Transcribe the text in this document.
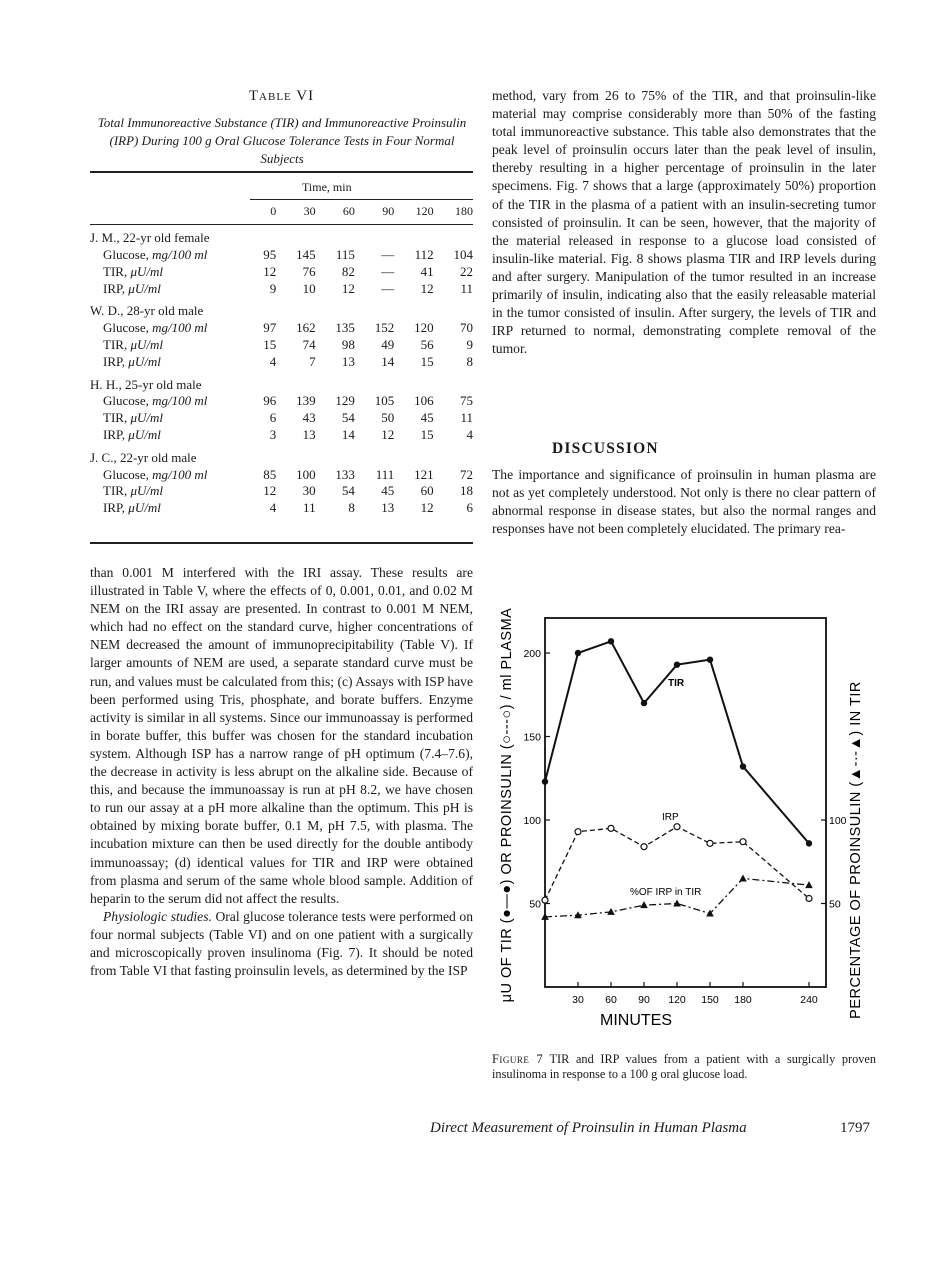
Table VI
Total Immunoreactive Substance (TIR) and Immunoreactive Proinsulin (IRP) During 100 g Oral Glucose Tolerance Tests in Four Normal Subjects
Time, min
	0	30	60	90	120	180

J. M., 22-yr old female						
Glucose, mg/100 ml	95	145	115	—	112	104
TIR, μU/ml	12	76	82	—	41	22
IRP, μU/ml	9	10	12	—	12	11

W. D., 28-yr old male						
Glucose, mg/100 ml	97	162	135	152	120	70
TIR, μU/ml	15	74	98	49	56	9
IRP, μU/ml	4	7	13	14	15	8

H. H., 25-yr old male						
Glucose, mg/100 ml	96	139	129	105	106	75
TIR, μU/ml	6	43	54	50	45	11
IRP, μU/ml	3	13	14	12	15	4

J. C., 22-yr old male						
Glucose, mg/100 ml	85	100	133	111	121	72
TIR, μU/ml	12	30	54	45	60	18
IRP, μU/ml	4	11	8	13	12	6

than 0.001 M interfered with the IRI assay. These results are illustrated in Table V, where the effects of 0, 0.001, 0.01, and 0.02 M NEM on the IRI assay are presented. In contrast to 0.001 M NEM, which had no effect on the standard curve, higher concentrations of NEM decreased the amount of immunoprecipitability (Table V). If larger amounts of NEM are used, a separate standard curve must be run, and values must be calculated from this; (c) Assays with ISP have been performed using Tris, phosphate, and borate buffers. Enzyme activity is similar in all systems. Since our immunoassay is performed in borate buffer, this buffer was chosen for the standard incubation system. Although ISP has a narrow range of pH optimum (7.4–7.6), the decrease in activity is less abrupt on the alkaline side. Because of this, and because the immunoassay is run at pH 8.2, we have chosen to run our assay at a pH more alkaline than the optimum. This pH is obtained by mixing borate buffer, 0.1 M, pH 7.5, with plasma. The incubation mixture can then be used directly for the double antibody immunoassay; (d) identical values for TIR and IRP were obtained from plasma and serum of the same whole blood sample. Addition of heparin to the serum did not affect the results.

Physiologic studies. Oral glucose tolerance tests were performed on four normal subjects (Table VI) and on one patient with a surgically and microscopically proven insulinoma (Fig. 7). It should be noted from Table VI that fasting proinsulin levels, as determined by the ISP

method, vary from 26 to 75% of the TIR, and that proinsulin-like material may comprise considerably more than 50% of the fasting total immunoreactive substance. This table also demonstrates that the peak level of proinsulin occurs later than the peak level of insulin, thereby resulting in a higher percentage of proinsulin in the later specimens. Fig. 7 shows that a large (approximately 50%) proportion of the TIR in the plasma of a patient with an insulin-secreting tumor consisted of proinsulin. It can be seen, however, that the majority of the material released in response to a glucose load consisted of insulin-like material. Fig. 8 shows plasma TIR and IRP levels during and after surgery. Manipulation of the tumor resulted in an increase primarily of insulin, indicating also that the easily releasable material in the tumor consisted of insulin. After surgery, the levels of TIR and IRP returned to normal, demonstrating complete removal of the tumor.

DISCUSSION

The importance and significance of proinsulin in human plasma are not as yet completely understood. Not only is there no clear pattern of abnormal response in disease states, but also the normal ranges and responses have not been completely elucidated. The primary rea-

30 60 90 120 150 180	240
50
100
150
200
50
100
TIR
IRP
%OF IRP in TIR
MINUTES
μU OF TIR (●—●) OR PROINSULIN (○---○) / ml PLASMA	PERCENTAGE OF PROINSULIN (▲-·-▲) IN TIR
Figure 7 TIR and IRP values from a patient with a surgically proven insulinoma in response to a 100 g oral glucose load.
Direct Measurement of Proinsulin in Human Plasma	1797
